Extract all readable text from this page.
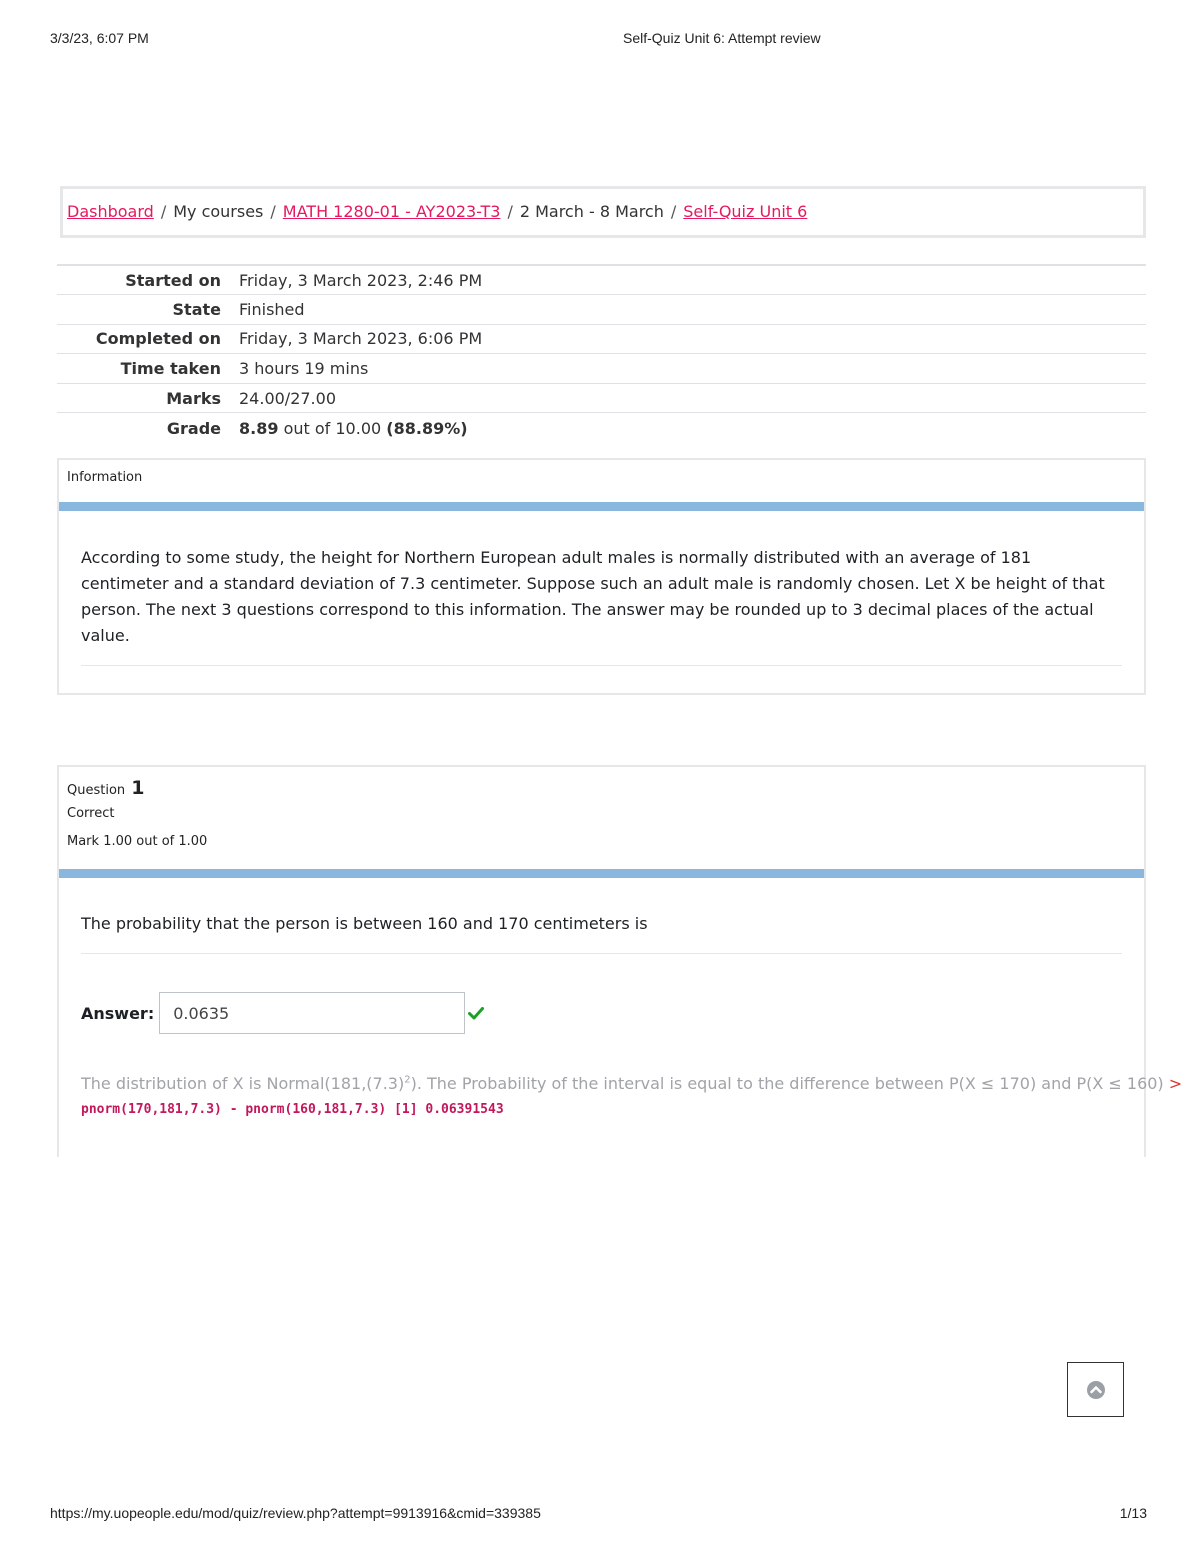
3/3/23, 6:07 PM	Self-Quiz Unit 6: Attempt review
Dashboard / My courses / MATH 1280-01 - AY2023-T3 / 2 March - 8 March / Self-Quiz Unit 6
Started on	Friday, 3 March 2023, 2:46 PM
State	Finished
Completed on	Friday, 3 March 2023, 6:06 PM
Time taken	3 hours 19 mins
Marks	24.00/27.00
Grade	8.89 out of 10.00 (88.89%)
Information

According to some study, the height for Northern European adult males is normally distributed with an average of 181 centimeter and a standard deviation of 7.3 centimeter. Suppose such an adult male is randomly chosen. Let X be height of that person. The next 3 questions correspond to this information. The answer may be rounded up to 3 decimal places of the actual value.

Question 1
Correct
Mark 1.00 out of 1.00
The probability that the person is between 160 and 170 centimeters is
Answer:	0.0635
The distribution of X is $Normal(181,(7.3)^2)$. The Probability of the interval is equal to the difference between P(X ≤ 170) and P(X ≤ 160) >
pnorm(170,181,7.3) - pnorm(160,181,7.3) [1] 0.06391543
https://my.uopeople.edu/mod/quiz/review.php?attempt=9913916&cmid=339385	1/13
